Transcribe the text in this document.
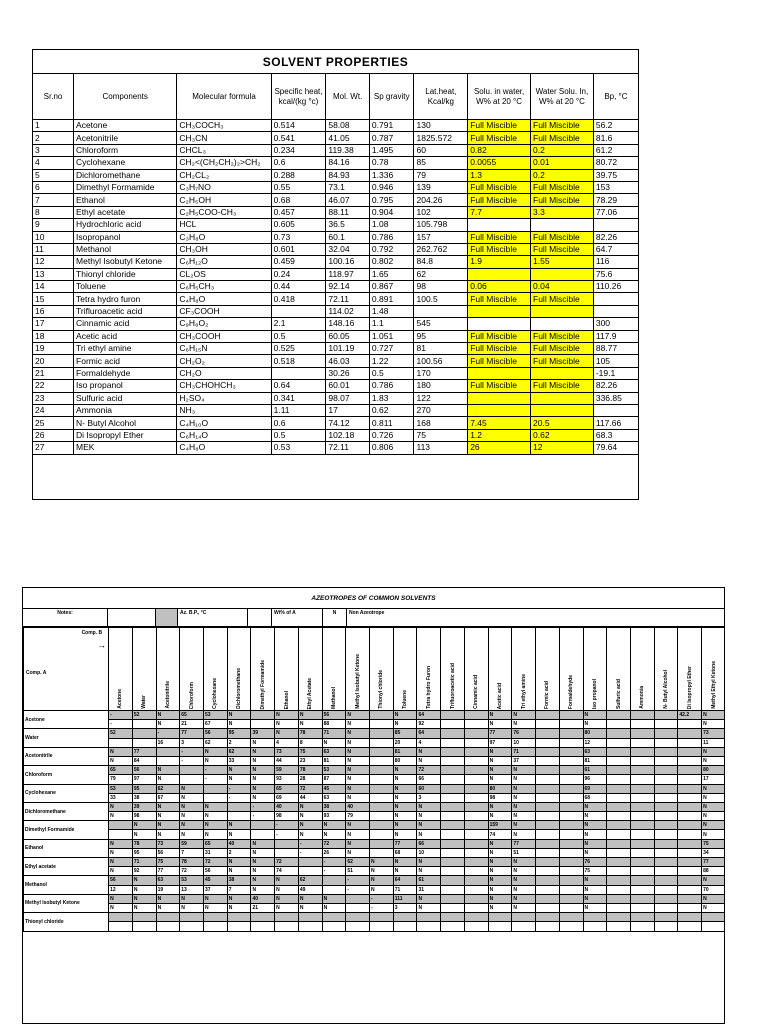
SOLVENT PROPERTIES
Sr.no	Components	Molecular formula	Specific heat, kcal/(kg °c)	Mol. Wt.	Sp gravity	Lat.heat, Kcal/kg	Solu. in water, W% at 20 °C	Water Solu. In, W% at 20 °C	Bp, °C
1	Acetone	CH₃COCH₃	0.514	58.08	0.791	130	Full Miscible	Full Miscible	56.2
2	Acetonitrile	CH₃CN	0.541	41.05	0.787	1825.572	Full Miscible	Full Miscible	81.6
3	Chloroform	CHCL₃	0.234	119.38	1.495	60	0.82	0.2	61.2
4	Cyclohexane	CH₂<(CH₂CH₂)₂>CH₂	0.6	84.16	0.78	85	0.0055	0.01	80.72
5	Dichloromethane	CH₂CL₂	0.288	84.93	1.336	79	1.3	0.2	39.75
6	Dimethyl Formamide	C₃H₇NO	0.55	73.1	0.946	139	Full Miscible	Full Miscible	153
7	Ethanol	C₂H₅OH	0.68	46.07	0.795	204.26	Full Miscible	Full Miscible	78.29
8	Ethyl acetate	C₂H₅COO-CH₃	0.457	88.11	0.904	102	7.7	3.3	77.06
9	Hydrochloric acid	HCL	0.605	36.5	1.08	105.798			
10	Isopropanol	C₃H₈O	0.73	60.1	0.786	157	Full Miscible	Full Miscible	82.26
11	Methanol	CH₃OH	0.601	32.04	0.792	262.762	Full Miscible	Full Miscible	64.7
12	Methyl Isobutyl Ketone	C₆H₁₂O	0.459	100.16	0.802	84.8	1.9	1.55	116
13	Thionyl chloride	CL₂OS	0.24	118.97	1.65	62			75.6
14	Toluene	C₆H₅CH₃	0.44	92.14	0.867	98	0.06	0.04	110.26
15	Tetra hydro furon	C₄H₈O	0.418	72.11	0.891	100.5	Full Miscible	Full Miscible	
16	Trifluroacetic acid	CF₃COOH		114.02	1.48				
17	Cinnamic acid	C₉H₈O₂	2.1	148.16	1.1	545			300
18	Acetic acid	CH₃COOH	0.5	60.05	1.051	95	Full Miscible	Full Miscible	117.9
19	Tri ethyl amine	C₆H₁₅N	0.525	101.19	0.727	81	Full Miscible	Full Miscible	88.77
20	Formic acid	CH₂O₂	0.518	46.03	1.22	100.56	Full Miscible	Full Miscible	105
21	Formaldehyde	CH₂O		30.26	0.5	170			-19.1
22	Iso propanol	CH₃CHOHCH₃	0.64	60.01	0.786	180	Full Miscible	Full Miscible	82.26
23	Sulfuric acid	H₂SO₄	0.341	98.07	1.83	122			336.85
24	Ammonia	NH₃	1.11	17	0.62	270			
25	N- Butyl Alcohol	C₄H₁₀O	0.6	74.12	0.811	168	7.45	20.5	117.66
26	Di Isopropyl Ether	C₆H₁₄O	0.5	102.18	0.726	75	1.2	0.62	68.3
27	MEK	C₄H₈O	0.53	72.11	0.806	113	26	12	79.64
AZEOTROPES OF COMMON SOLVENTS
Notes:	Az. B.P., °C	Wt% of A	N	Non Azeotrope
Comp. B
→
Comp. A	Acetone	Water	Acetonitrile	Chloroform	Cyclohexane	Dichloromethane	Dimethyl Formamide	Ethanol	Ethyl Acetate	Methanol	Methyl Isobutyl Ketone	Thionyl chloride	Toluene	Tetra hydro Furon	Trifluoroacetic acid	Cinnamic acid	Acetic acid	Tri ethyl amine	Formic acid	Formaldehyde	Iso propanol	Sulfuric acid	Ammonia	N- Butyl Alcohol	Di Isopropyl Ether	Methyl Ethyl Ketone

Acetone	-	52	N	65	53	N		N	N	56	N		N	64			N	N			N				42.2	N
	-		N	21	67	N		N	N	88	N		N	92			N	N			N					N
Water	52		-	77	56	95	39	N	78	71	N		85	64			77	76			80					73
			16	3	62	2	N	4	8	N	N		20	4			97	10			12					11
Acetonitrile	N	77		-	N	62	N	73	75	63	N		81	N			N	71			63					N
	N	84		-	N	33	N	44	23	81	N		80	N			N	37			81					N
Chloroform	65	56	N		-	N	N	59	78	53	N		N	72			N	N			61					80
	79	97	N		-	N	N	93	28	87	N		N	66			N	N			96					17
Cyclohexane	53	95	62	N		-	N	65	72	45	N		N	60			80	N			69					N
	33	38	67	N		-	N	69	44	63	N		N	3			98	N			68					N
Dichloromethane	N	39	N	N	N		-	40	N	38	40		N	N			N	N			N					N
	N	98	N	N	N		-	98	N	93	79		N	N			N	N			N					N
Dimethyl Formamide		N	N	N	N	N		-	N	N	N		N	N			159	N			N					N
		N	N	N	N	N		-	N	N	N		N	N			74	N			N					N
Ethanol	N	78	73	59	65	40	N		-	72	N		77	66			N	77			N					75
	N	95	56	7	31	2	N		-	26	N		68	10			N	51			N					34
Ethyl acetate	N	71	75	78	72	N	N	72		-	62	N	N	N			N	N			76					77
	N	92	77	72	56	N	N	74		-	51	N	N	N			N	N			75					88
Methanol	56	N	63	53	45	38	N	N	62		-	N	64	61			N	N			N					N
	12	N	19	13	37	7	N	N	49		-	N	71	31			N	N			N					70
Methyl Isobutyl Ketone	N	N	N	N	N	N	40	N	N	N		-	111	N			N	N			N					N
	N	N	N	N	N	N	21	N	N	N		-	3	N			N	N			N					N
Thionyl chloride																										
